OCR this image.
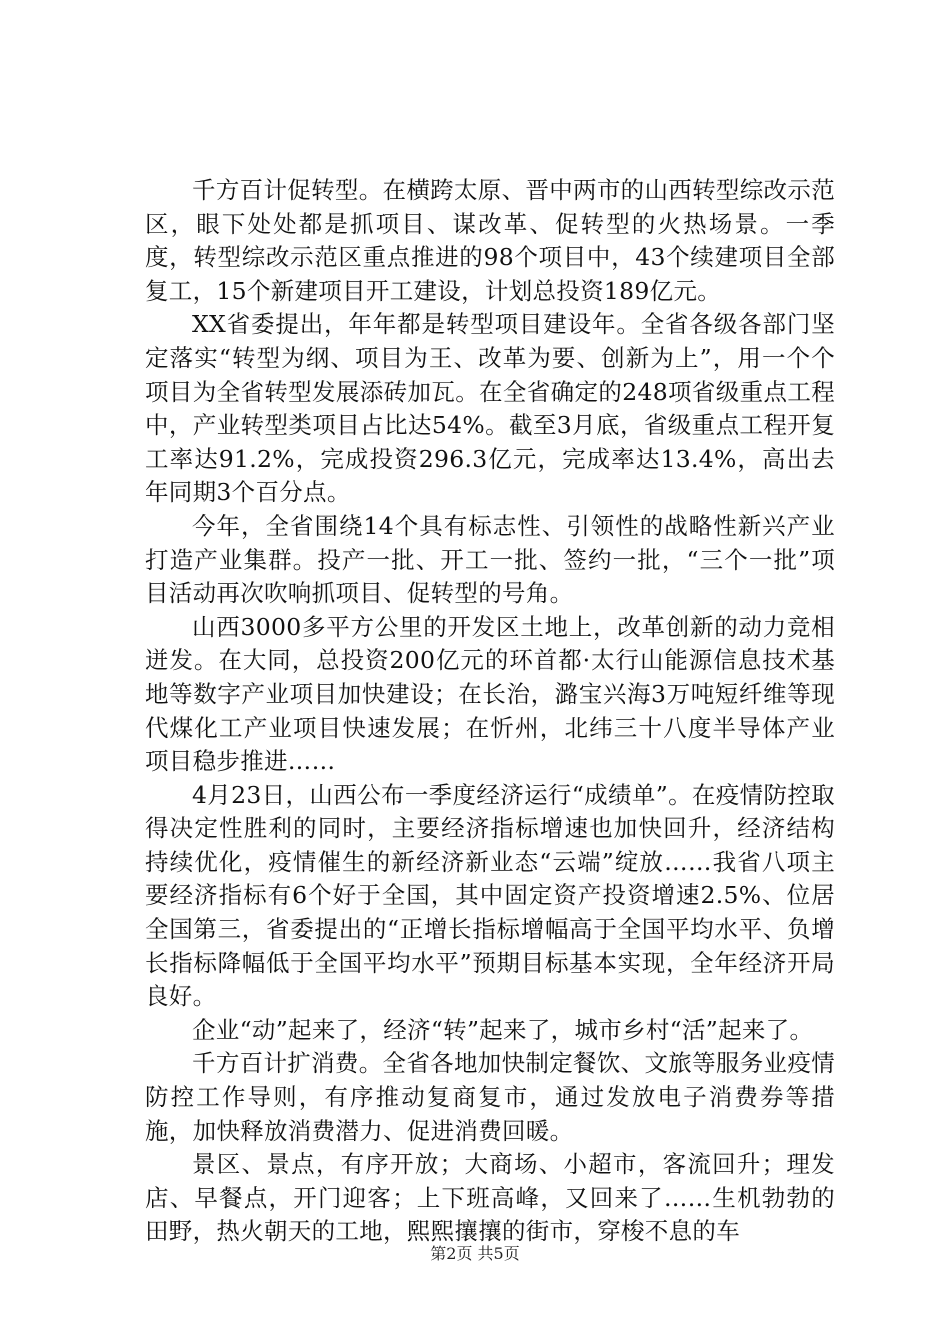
千方百计促转型。在横跨太原、晋中两市的山西转型综改示范区，眼下处处都是抓项目、谋改革、促转型的火热场景。一季度，转型综改示范区重点推进的98个项目中，43个续建项目全部复工，15个新建项目开工建设，计划总投资189亿元。

XX省委提出，年年都是转型项目建设年。全省各级各部门坚定落实“转型为纲、项目为王、改革为要、创新为上”，用一个个项目为全省转型发展添砖加瓦。在全省确定的248项省级重点工程中，产业转型类项目占比达54%。截至3月底，省级重点工程开复工率达91.2%，完成投资296.3亿元，完成率达13.4%，高出去年同期3个百分点。

今年，全省围绕14个具有标志性、引领性的战略性新兴产业打造产业集群。投产一批、开工一批、签约一批，“三个一批”项目活动再次吹响抓项目、促转型的号角。

山西3000多平方公里的开发区土地上，改革创新的动力竞相迸发。在大同，总投资200亿元的环首都·太行山能源信息技术基地等数字产业项目加快建设；在长治，潞宝兴海3万吨短纤维等现代煤化工产业项目快速发展；在忻州，北纬三十八度半导体产业项目稳步推进……

4月23日，山西公布一季度经济运行“成绩单”。在疫情防控取得决定性胜利的同时，主要经济指标增速也加快回升，经济结构持续优化，疫情催生的新经济新业态“云端”绽放……我省八项主要经济指标有6个好于全国，其中固定资产投资增速2.5%、位居全国第三，省委提出的“正增长指标增幅高于全国平均水平、负增长指标降幅低于全国平均水平”预期目标基本实现，全年经济开局良好。

企业“动”起来了，经济“转”起来了，城市乡村“活”起来了。

千方百计扩消费。全省各地加快制定餐饮、文旅等服务业疫情防控工作导则，有序推动复商复市，通过发放电子消费券等措施，加快释放消费潜力、促进消费回暖。

景区、景点，有序开放；大商场、小超市，客流回升；理发店、早餐点，开门迎客；上下班高峰，又回来了……生机勃勃的田野，热火朝天的工地，熙熙攘攘的街市，穿梭不息的车

第2页 共5页
